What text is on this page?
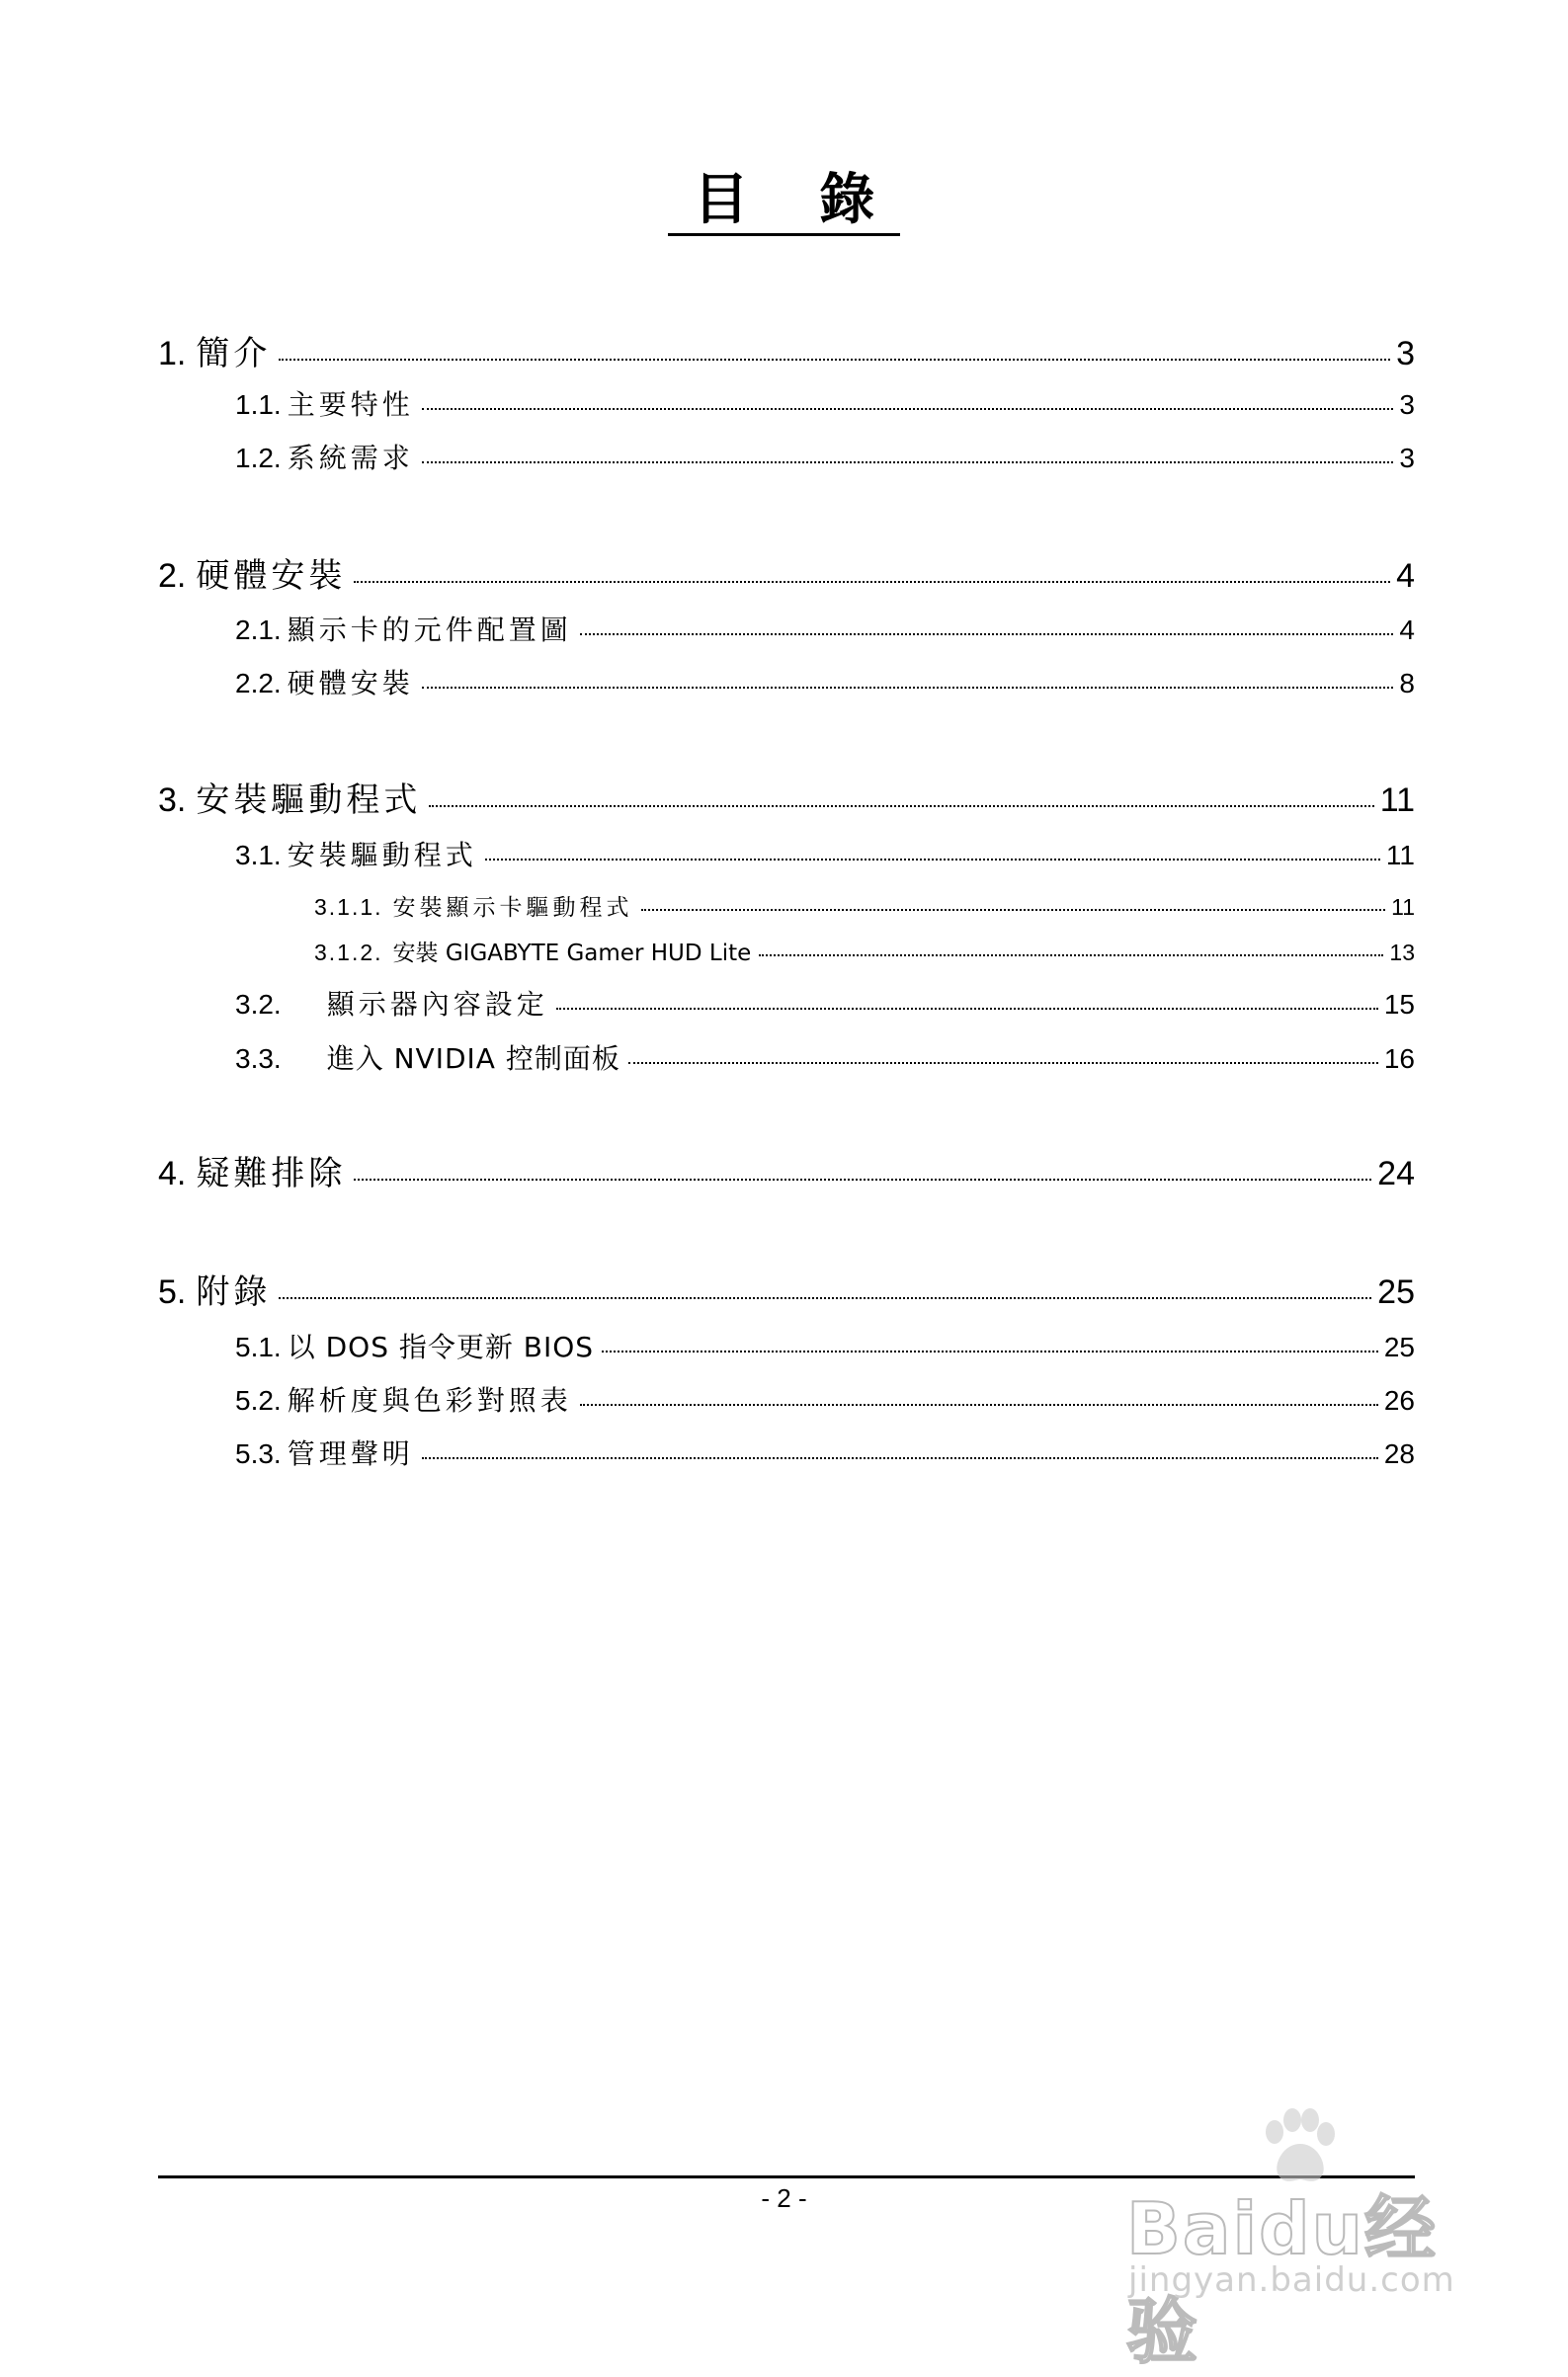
目 錄
1. 簡介	3
1.1. 主要特性	3
1.2. 系統需求	3
2. 硬體安裝	4
2.1. 顯示卡的元件配置圖	4
2.2. 硬體安裝	8
3. 安裝驅動程式	11
3.1. 安裝驅動程式	11
3.1.1. 安裝顯示卡驅動程式	11
3.1.2. 安裝 GIGABYTE Gamer HUD Lite	13
3.2. 顯示器內容設定	15
3.3. 進入 NVIDIA 控制面板	16
4. 疑難排除	24
5. 附錄	25
5.1. 以 DOS 指令更新 BIOS	25
5.2. 解析度與色彩對照表	26
5.3. 管理聲明	28
- 2 -	Baidu经验
jingyan.baidu.com
